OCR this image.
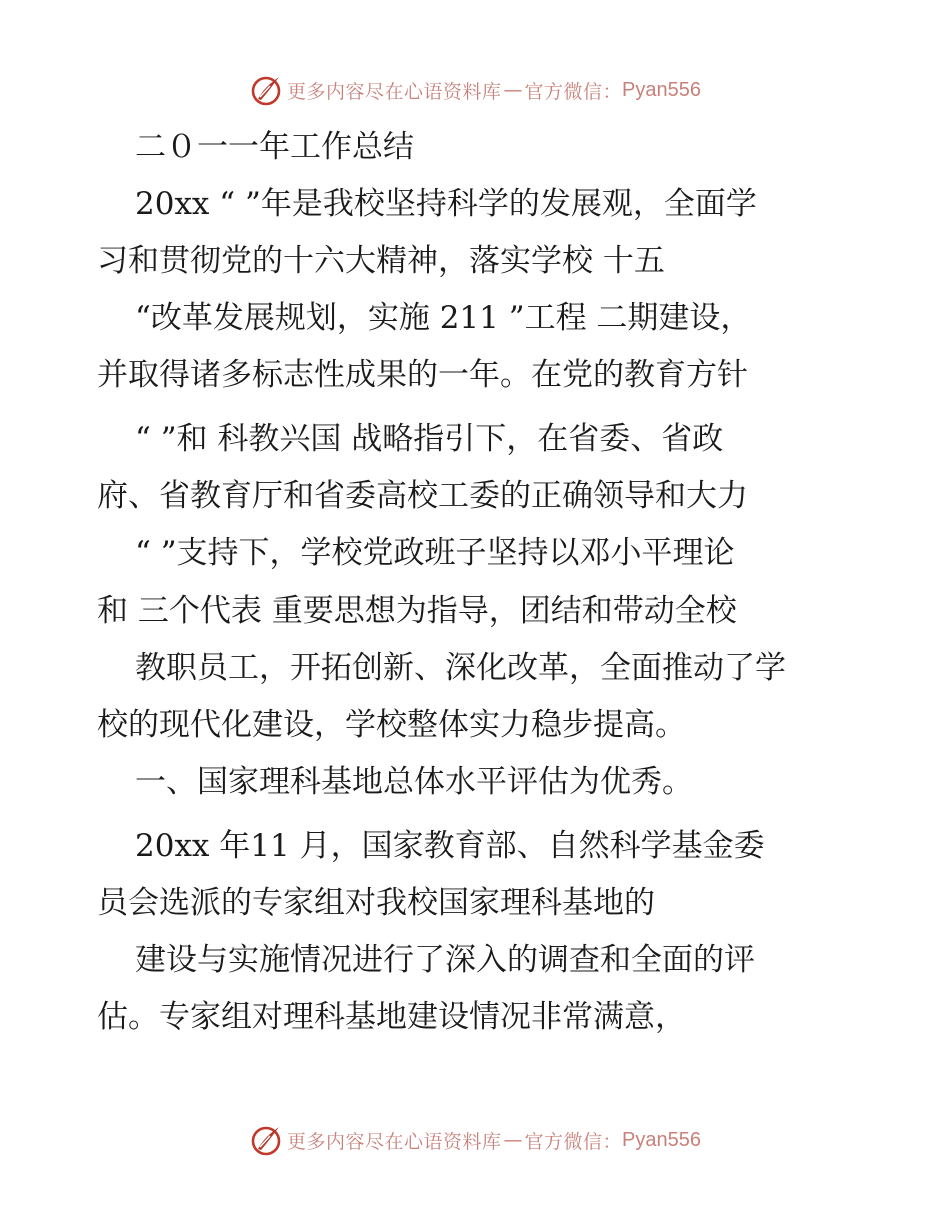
更多内容尽在心语资料库 — 官方微信： Pyan556
二０一一年工作总结
20xx “ ”年是我校坚持科学的发展观，全面学
习和贯彻党的十六大精神，落实学校 十五
“改革发展规划，实施 211 ”工程 二期建设，
并取得诸多标志性成果的一年。在党的教育方针
“ ”和 科教兴国 战略指引下，在省委、省政
府、省教育厅和省委高校工委的正确领导和大力
“ ”支持下，学校党政班子坚持以邓小平理论
和 三个代表 重要思想为指导，团结和带动全校
教职员工，开拓创新、深化改革，全面推动了学
校的现代化建设，学校整体实力稳步提高。
一、国家理科基地总体水平评估为优秀。
20xx 年11 月，国家教育部、自然科学基金委
员会选派的专家组对我校国家理科基地的
建设与实施情况进行了深入的调查和全面的评
估。专家组对理科基地建设情况非常满意，
更多内容尽在心语资料库 — 官方微信： Pyan556
